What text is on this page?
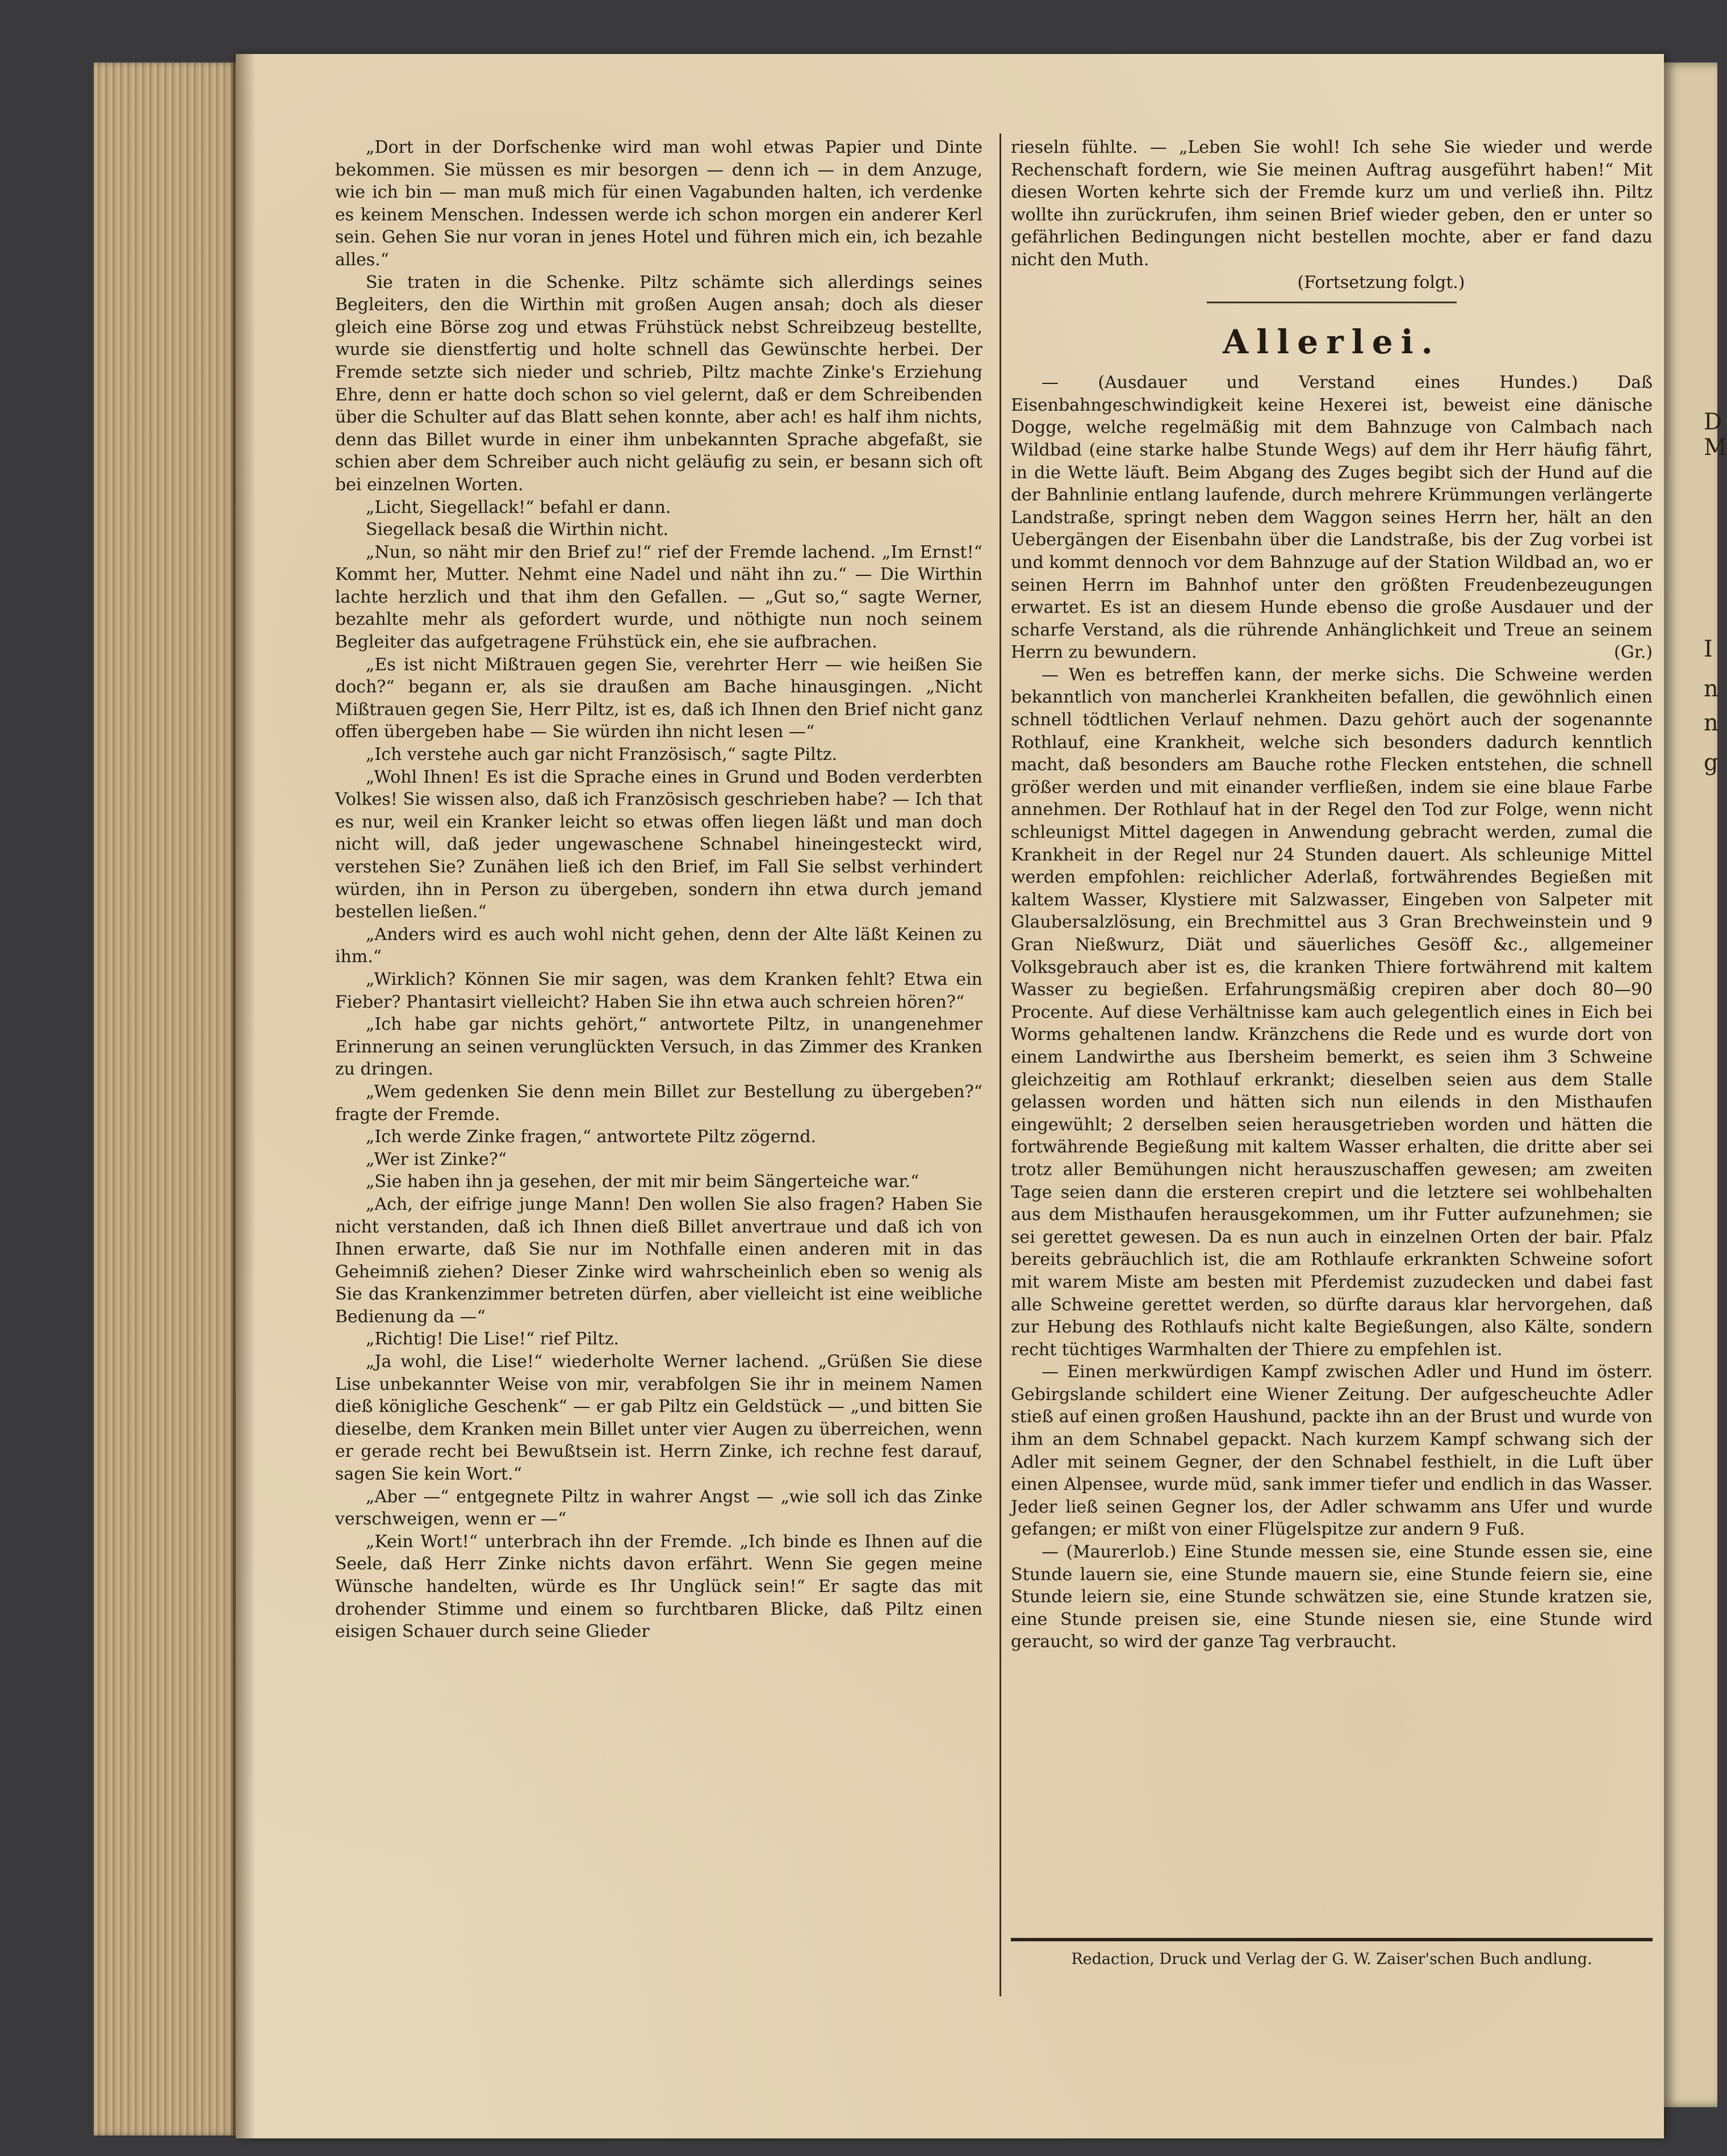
D
M
I
n
n
g

„Dort in der Dorfschenke wird man wohl etwas Papier und Dinte bekommen. Sie müssen es mir besorgen — denn ich — in dem Anzuge, wie ich bin — man muß mich für einen Vagabunden halten, ich verdenke es keinem Menschen. Indessen werde ich schon morgen ein anderer Kerl sein. Gehen Sie nur voran in jenes Hotel und führen mich ein, ich bezahle alles.“

Sie traten in die Schenke. Piltz schämte sich allerdings seines Begleiters, den die Wirthin mit großen Augen ansah; doch als dieser gleich eine Börse zog und etwas Frühstück nebst Schreibzeug bestellte, wurde sie dienstfertig und holte schnell das Gewünschte herbei. Der Fremde setzte sich nieder und schrieb, Piltz machte Zinke's Erziehung Ehre, denn er hatte doch schon so viel gelernt, daß er dem Schreibenden über die Schulter auf das Blatt sehen konnte, aber ach! es half ihm nichts, denn das Billet wurde in einer ihm unbekannten Sprache abgefaßt, sie schien aber dem Schreiber auch nicht geläufig zu sein, er besann sich oft bei einzelnen Worten.

„Licht, Siegellack!“ befahl er dann.

Siegellack besaß die Wirthin nicht.

„Nun, so näht mir den Brief zu!“ rief der Fremde lachend. „Im Ernst!“ Kommt her, Mutter. Nehmt eine Nadel und näht ihn zu.“ — Die Wirthin lachte herzlich und that ihm den Gefallen. — „Gut so,“ sagte Werner, bezahlte mehr als gefordert wurde, und nöthigte nun noch seinem Begleiter das aufgetragene Frühstück ein, ehe sie aufbrachen.

„Es ist nicht Mißtrauen gegen Sie, verehrter Herr — wie heißen Sie doch?“ begann er, als sie draußen am Bache hinausgingen. „Nicht Mißtrauen gegen Sie, Herr Piltz, ist es, daß ich Ihnen den Brief nicht ganz offen übergeben habe — Sie würden ihn nicht lesen —“

„Ich verstehe auch gar nicht Französisch,“ sagte Piltz.

„Wohl Ihnen! Es ist die Sprache eines in Grund und Boden verderbten Volkes! Sie wissen also, daß ich Französisch geschrieben habe? — Ich that es nur, weil ein Kranker leicht so etwas offen liegen läßt und man doch nicht will, daß jeder ungewaschene Schnabel hineingesteckt wird, verstehen Sie? Zunähen ließ ich den Brief, im Fall Sie selbst verhindert würden, ihn in Person zu übergeben, sondern ihn etwa durch jemand bestellen ließen.“

„Anders wird es auch wohl nicht gehen, denn der Alte läßt Keinen zu ihm.“

„Wirklich? Können Sie mir sagen, was dem Kranken fehlt? Etwa ein Fieber? Phantasirt vielleicht? Haben Sie ihn etwa auch schreien hören?“

„Ich habe gar nichts gehört,“ antwortete Piltz, in unangenehmer Erinnerung an seinen verunglückten Versuch, in das Zimmer des Kranken zu dringen.

„Wem gedenken Sie denn mein Billet zur Bestellung zu übergeben?“ fragte der Fremde.

„Ich werde Zinke fragen,“ antwortete Piltz zögernd.

„Wer ist Zinke?“

„Sie haben ihn ja gesehen, der mit mir beim Sängerteiche war.“

„Ach, der eifrige junge Mann! Den wollen Sie also fragen? Haben Sie nicht verstanden, daß ich Ihnen dieß Billet anvertraue und daß ich von Ihnen erwarte, daß Sie nur im Nothfalle einen anderen mit in das Geheimniß ziehen? Dieser Zinke wird wahrscheinlich eben so wenig als Sie das Krankenzimmer betreten dürfen, aber vielleicht ist eine weibliche Bedienung da —“

„Richtig! Die Lise!“ rief Piltz.

„Ja wohl, die Lise!“ wiederholte Werner lachend. „Grüßen Sie diese Lise unbekannter Weise von mir, verabfolgen Sie ihr in meinem Namen dieß königliche Geschenk“ — er gab Piltz ein Geldstück — „und bitten Sie dieselbe, dem Kranken mein Billet unter vier Augen zu überreichen, wenn er gerade recht bei Bewußtsein ist. Herrn Zinke, ich rechne fest darauf, sagen Sie kein Wort.“

„Aber —“ entgegnete Piltz in wahrer Angst — „wie soll ich das Zinke verschweigen, wenn er —“

„Kein Wort!“ unterbrach ihn der Fremde. „Ich binde es Ihnen auf die Seele, daß Herr Zinke nichts davon erfährt. Wenn Sie gegen meine Wünsche handelten, würde es Ihr Unglück sein!“ Er sagte das mit drohender Stimme und einem so furchtbaren Blicke, daß Piltz einen eisigen Schauer durch seine Glieder

rieseln fühlte. — „Leben Sie wohl! Ich sehe Sie wieder und werde Rechenschaft fordern, wie Sie meinen Auftrag ausgeführt haben!“ Mit diesen Worten kehrte sich der Fremde kurz um und verließ ihn. Piltz wollte ihn zurückrufen, ihm seinen Brief wieder geben, den er unter so gefährlichen Bedingungen nicht bestellen mochte, aber er fand dazu nicht den Muth.

(Fortsetzung folgt.)

Allerlei.

— (Ausdauer und Verstand eines Hundes.) Daß Eisenbahngeschwindigkeit keine Hexerei ist, beweist eine dänische Dogge, welche regelmäßig mit dem Bahnzuge von Calmbach nach Wildbad (eine starke halbe Stunde Wegs) auf dem ihr Herr häufig fährt, in die Wette läuft. Beim Abgang des Zuges begibt sich der Hund auf die der Bahnlinie entlang laufende, durch mehrere Krümmungen verlängerte Landstraße, springt neben dem Waggon seines Herrn her, hält an den Uebergängen der Eisenbahn über die Landstraße, bis der Zug vorbei ist und kommt dennoch vor dem Bahnzuge auf der Station Wildbad an, wo er seinen Herrn im Bahnhof unter den größten Freudenbezeugungen erwartet. Es ist an diesem Hunde ebenso die große Ausdauer und der scharfe Verstand, als die rührende Anhänglichkeit und Treue an seinem Herrn zu bewundern.	(Gr.)

— Wen es betreffen kann, der merke sichs. Die Schweine werden bekanntlich von mancherlei Krankheiten befallen, die gewöhnlich einen schnell tödtlichen Verlauf nehmen. Dazu gehört auch der sogenannte Rothlauf, eine Krankheit, welche sich besonders dadurch kenntlich macht, daß besonders am Bauche rothe Flecken entstehen, die schnell größer werden und mit einander verfließen, indem sie eine blaue Farbe annehmen. Der Rothlauf hat in der Regel den Tod zur Folge, wenn nicht schleunigst Mittel dagegen in Anwendung gebracht werden, zumal die Krankheit in der Regel nur 24 Stunden dauert. Als schleunige Mittel werden empfohlen: reichlicher Aderlaß, fortwährendes Begießen mit kaltem Wasser, Klystiere mit Salzwasser, Eingeben von Salpeter mit Glaubersalzlösung, ein Brechmittel aus 3 Gran Brechweinstein und 9 Gran Nießwurz, Diät und säuerliches Gesöff &c., allgemeiner Volksgebrauch aber ist es, die kranken Thiere fortwährend mit kaltem Wasser zu begießen. Erfahrungsmäßig crepiren aber doch 80—90 Procente. Auf diese Verhältnisse kam auch gelegentlich eines in Eich bei Worms gehaltenen landw. Kränzchens die Rede und es wurde dort von einem Landwirthe aus Ibersheim bemerkt, es seien ihm 3 Schweine gleichzeitig am Rothlauf erkrankt; dieselben seien aus dem Stalle gelassen worden und hätten sich nun eilends in den Misthaufen eingewühlt; 2 derselben seien herausgetrieben worden und hätten die fortwährende Begießung mit kaltem Wasser erhalten, die dritte aber sei trotz aller Bemühungen nicht herauszuschaffen gewesen; am zweiten Tage seien dann die ersteren crepirt und die letztere sei wohlbehalten aus dem Misthaufen herausgekommen, um ihr Futter aufzunehmen; sie sei gerettet gewesen. Da es nun auch in einzelnen Orten der bair. Pfalz bereits gebräuchlich ist, die am Rothlaufe erkrankten Schweine sofort mit warem Miste am besten mit Pferdemist zuzudecken und dabei fast alle Schweine gerettet werden, so dürfte daraus klar hervorgehen, daß zur Hebung des Rothlaufs nicht kalte Begießungen, also Kälte, sondern recht tüchtiges Warmhalten der Thiere zu empfehlen ist.

— Einen merkwürdigen Kampf zwischen Adler und Hund im österr. Gebirgslande schildert eine Wiener Zeitung. Der aufgescheuchte Adler stieß auf einen großen Haushund, packte ihn an der Brust und wurde von ihm an dem Schnabel gepackt. Nach kurzem Kampf schwang sich der Adler mit seinem Gegner, der den Schnabel festhielt, in die Luft über einen Alpensee, wurde müd, sank immer tiefer und endlich in das Wasser. Jeder ließ seinen Gegner los, der Adler schwamm ans Ufer und wurde gefangen; er mißt von einer Flügelspitze zur andern 9 Fuß.

— (Maurerlob.) Eine Stunde messen sie, eine Stunde essen sie, eine Stunde lauern sie, eine Stunde mauern sie, eine Stunde feiern sie, eine Stunde leiern sie, eine Stunde schwätzen sie, eine Stunde kratzen sie, eine Stunde preisen sie, eine Stunde niesen sie, eine Stunde wird geraucht, so wird der ganze Tag verbraucht.

Redaction, Druck und Verlag der G. W. Zaiser'schen Buch andlung.
